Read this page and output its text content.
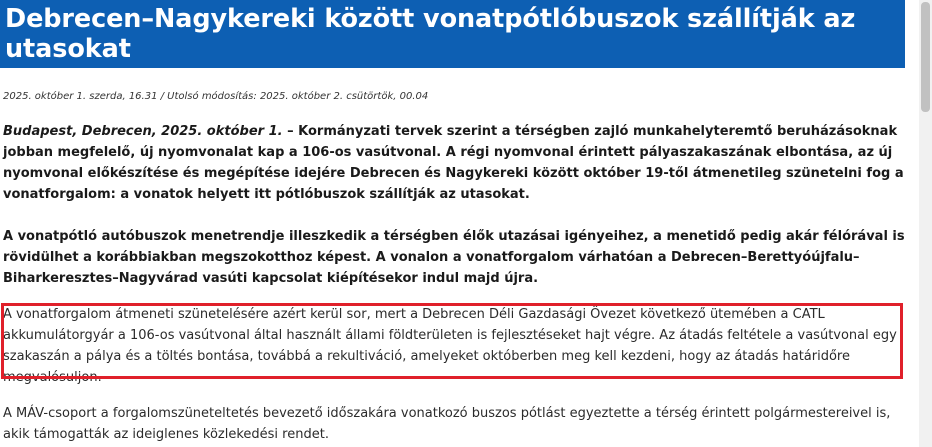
Debrecen–Nagykereki között vonatpótlóbuszok szállítják az utasokat
2025. október 1. szerda, 16.31 / Utolsó módosítás: 2025. október 2. csütörtök, 00.04

Budapest, Debrecen, 2025. október 1. – Kormányzati tervek szerint a térségben zajló munkahelyteremtő beruházásoknak jobban megfelelő, új nyomvonalat kap a 106-os vasútvonal. A régi nyomvonal érintett pályaszakaszának elbontása, az új nyomvonal előkészítése és megépítése idejére Debrecen és Nagykereki között október 19-től átmenetileg szünetelni fog a vonatforgalom: a vonatok helyett itt pótlóbuszok szállítják az utasokat.

A vonatpótló autóbuszok menetrendje illeszkedik a térségben élők utazásai igényeihez, a menetidő pedig akár félórával is rövidülhet a korábbiakban megszokotthoz képest. A vonalon a vonatforgalom várhatóan a Debrecen–Berettyóújfalu–Biharkeresztes–Nagyvárad vasúti kapcsolat kiépítésekor indul majd újra.

A vonatforgalom átmeneti szünetelésére azért kerül sor, mert a Debrecen Déli Gazdasági Övezet következő ütemében a CATL akkumulátorgyár a 106-os vasútvonal által használt állami földterületen is fejlesztéseket hajt végre. Az átadás feltétele a vasútvonal egy szakaszán a pálya és a töltés bontása, továbbá a rekultiváció, amelyeket októberben meg kell kezdeni, hogy az átadás határidőre megvalósuljon.

A MÁV-csoport a forgalomszüneteltetés bevezető időszakára vonatkozó buszos pótlást egyeztette a térség érintett polgármestereivel is, akik támogatták az ideiglenes közlekedési rendet.
